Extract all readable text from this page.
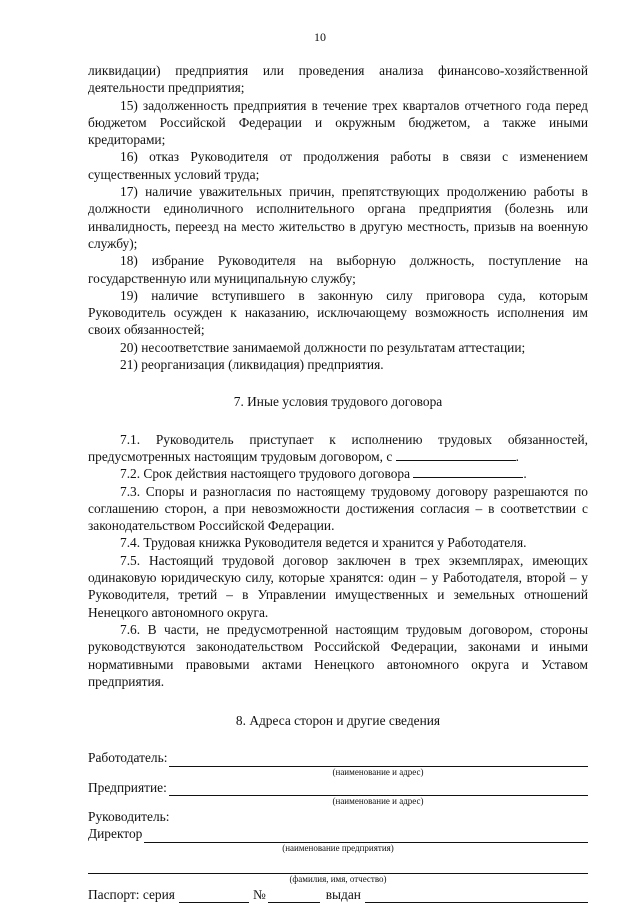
10

ликвидации) предприятия или проведения анализа финансово-хозяйственной деятельности предприятия;

15) задолженность предприятия в течение трех кварталов отчетного года перед бюджетом Российской Федерации и окружным бюджетом, а также иными кредиторами;

16) отказ Руководителя от продолжения работы в связи с изменением существенных условий труда;

17) наличие уважительных причин, препятствующих продолжению работы в должности единоличного исполнительного органа предприятия (болезнь или инвалидность, переезд на место жительство в другую местность, призыв на военную службу);

18) избрание Руководителя на выборную должность, поступление на государственную или муниципальную службу;

19) наличие вступившего в законную силу приговора суда, которым Руководитель осужден к наказанию, исключающему возможность исполнения им своих обязанностей;

20) несоответствие занимаемой должности по результатам аттестации;

21) реорганизация (ликвидация) предприятия.

7. Иные условия трудового договора

7.1. Руководитель приступает к исполнению трудовых обязанностей, предусмотренных настоящим трудовым договором, с	.

7.2. Срок действия настоящего трудового договора	.

7.3. Споры и разногласия по настоящему трудовому договору разрешаются по соглашению сторон, а при невозможности достижения согласия – в соответствии с законодательством Российской Федерации.

7.4. Трудовая книжка Руководителя ведется и хранится у Работодателя.

7.5. Настоящий трудовой договор заключен в трех экземплярах, имеющих одинаковую юридическую силу, которые хранятся: один – у Работодателя, второй – у Руководителя, третий – в Управлении имущественных и земельных отношений Ненецкого автономного округа.

7.6. В части, не предусмотренной настоящим трудовым договором, стороны руководствуются законодательством Российской Федерации, законами и иными нормативными правовыми актами Ненецкого автономного округа и Уставом предприятия.

8. Адреса сторон и другие сведения

Работодатель:
(наименование и адрес)
Предприятие:
(наименование и адрес)
Руководитель:
Директор
(наименование предприятия)
(фамилия, имя, отчество)
Паспорт: серия	№	выдан
